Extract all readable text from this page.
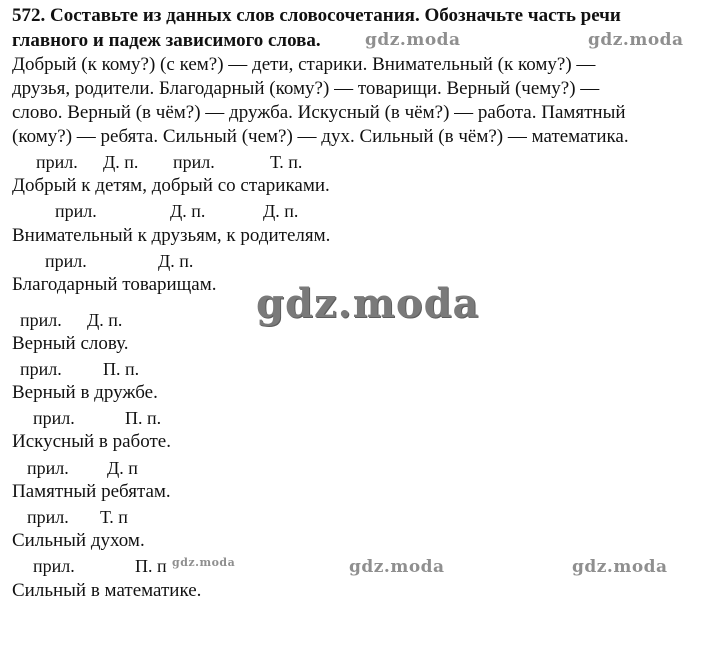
572. Составьте из данных слов словосочетания. Обозначьте часть речи
главного и падеж зависимого слова.
Добрый (к кому?) (с кем?) — дети, старики. Внимательный (к кому?) —
друзья, родители. Благодарный (кому?) — товарищи. Верный (чему?) —
слово. Верный (в чём?) — дружба. Искусный (в чём?) — работа. Памятный
(кому?) — ребята. Сильный (чем?) — дух. Сильный (в чём?) — математика.
прил. Д. п. прил.	Т. п.
Добрый к детям, добрый со стариками.
прил.	Д. п.	Д. п.
Внимательный к друзьям, к родителям.
прил.	Д. п.
Благодарный товарищам.
прил. Д. п.
Верный слову.
прил. П. п.
Верный в дружбе.
прил.	П. п.
Искусный в работе.
прил. Д. п
Памятный ребятам.
прил. Т. п
Сильный духом.
прил.	П. п
Сильный в математике.
gdz.moda	gdz.moda
gdz.moda
gdz.moda	gdz.moda	gdz.moda
